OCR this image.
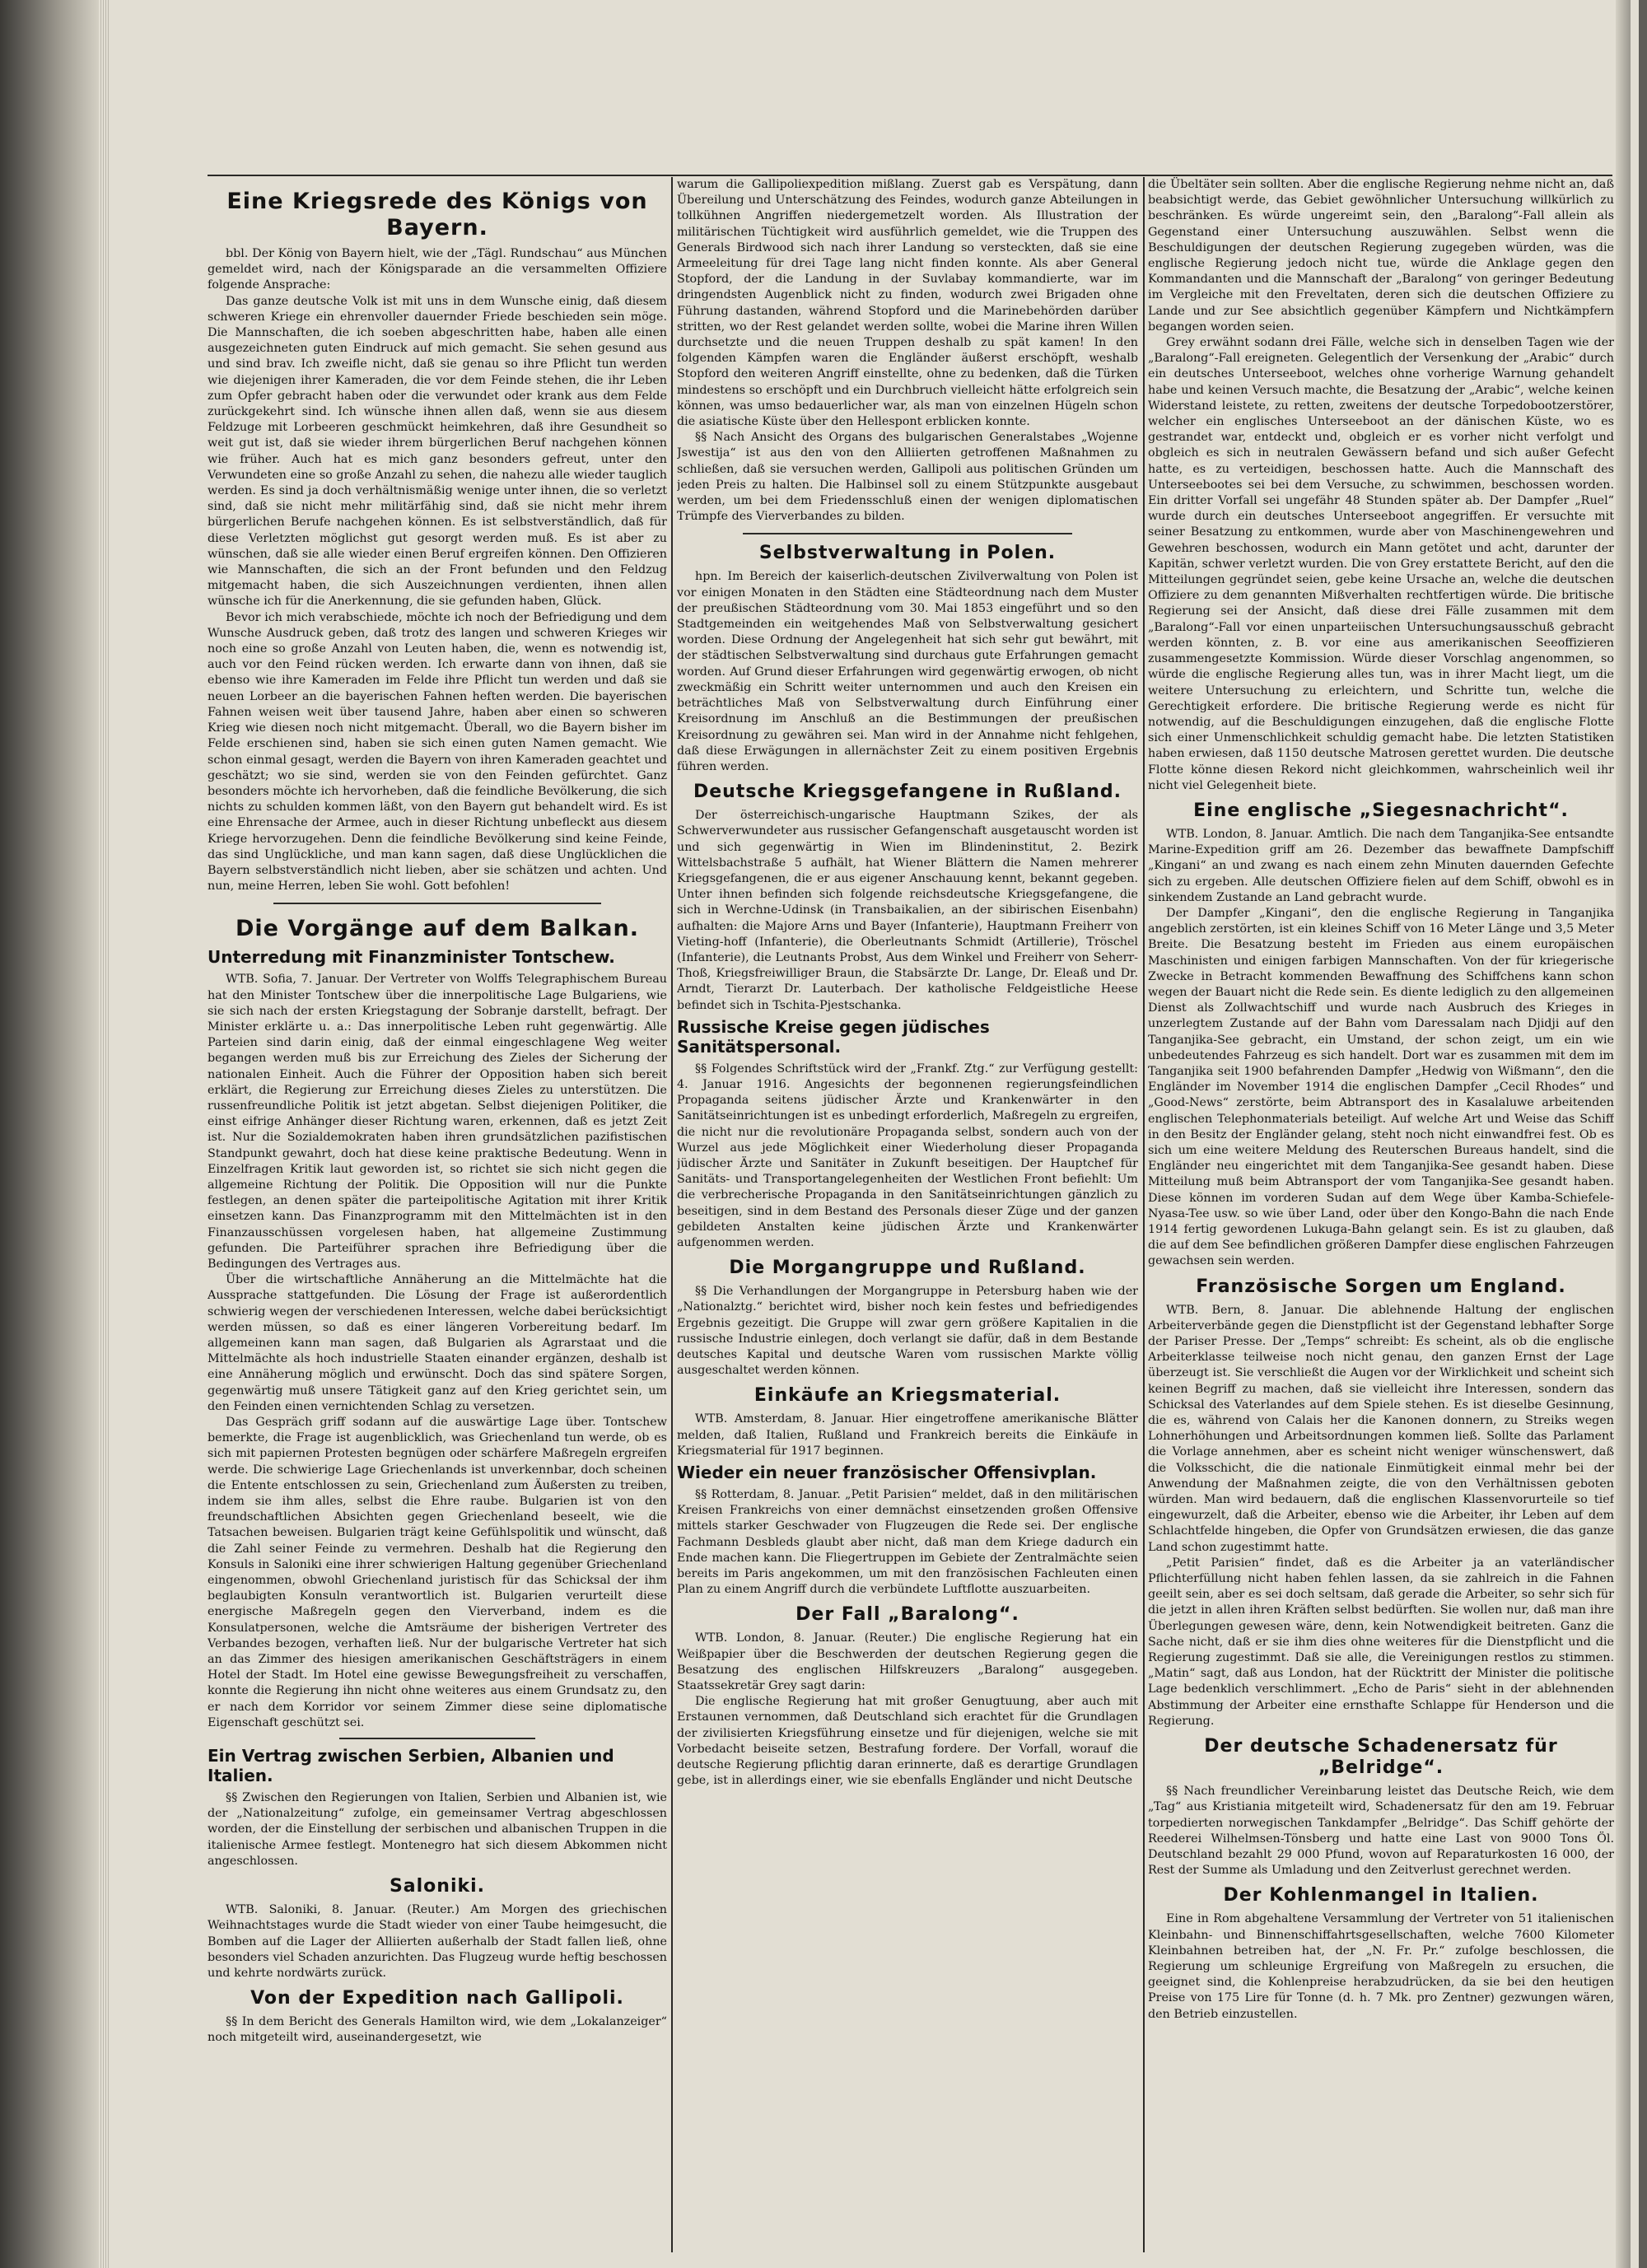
Eine Kriegsrede des Königs von Bayern.

bbl. Der König von Bayern hielt, wie der „Tägl. Rundschau“ aus München gemeldet wird, nach der Königsparade an die versammelten Offiziere folgende Ansprache:

Das ganze deutsche Volk ist mit uns in dem Wunsche einig, daß diesem schweren Kriege ein ehrenvoller dauernder Friede beschieden sein möge. Die Mannschaften, die ich soeben abgeschritten habe, haben alle einen ausgezeichneten guten Eindruck auf mich gemacht. Sie sehen gesund aus und sind brav. Ich zweifle nicht, daß sie genau so ihre Pflicht tun werden wie diejenigen ihrer Kameraden, die vor dem Feinde stehen, die ihr Leben zum Opfer gebracht haben oder die verwundet oder krank aus dem Felde zurückgekehrt sind. Ich wünsche ihnen allen daß, wenn sie aus diesem Feldzuge mit Lorbeeren geschmückt heimkehren, daß ihre Gesundheit so weit gut ist, daß sie wieder ihrem bürgerlichen Beruf nachgehen können wie früher. Auch hat es mich ganz besonders gefreut, unter den Verwundeten eine so große Anzahl zu sehen, die nahezu alle wieder tauglich werden. Es sind ja doch verhältnismäßig wenige unter ihnen, die so verletzt sind, daß sie nicht mehr militärfähig sind, daß sie nicht mehr ihrem bürgerlichen Berufe nachgehen können. Es ist selbstverständlich, daß für diese Verletzten möglichst gut gesorgt werden muß. Es ist aber zu wünschen, daß sie alle wieder einen Beruf ergreifen können. Den Offizieren wie Mannschaften, die sich an der Front befunden und den Feldzug mitgemacht haben, die sich Auszeichnungen verdienten, ihnen allen wünsche ich für die Anerkennung, die sie gefunden haben, Glück.

Bevor ich mich verabschiede, möchte ich noch der Befriedigung und dem Wunsche Ausdruck geben, daß trotz des langen und schweren Krieges wir noch eine so große Anzahl von Leuten haben, die, wenn es notwendig ist, auch vor den Feind rücken werden. Ich erwarte dann von ihnen, daß sie ebenso wie ihre Kameraden im Felde ihre Pflicht tun werden und daß sie neuen Lorbeer an die bayerischen Fahnen heften werden. Die bayerischen Fahnen weisen weit über tausend Jahre, haben aber einen so schweren Krieg wie diesen noch nicht mitgemacht. Überall, wo die Bayern bisher im Felde erschienen sind, haben sie sich einen guten Namen gemacht. Wie schon einmal gesagt, werden die Bayern von ihren Kameraden geachtet und geschätzt; wo sie sind, werden sie von den Feinden gefürchtet. Ganz besonders möchte ich hervorheben, daß die feindliche Bevölkerung, die sich nichts zu schulden kommen läßt, von den Bayern gut behandelt wird. Es ist eine Ehrensache der Armee, auch in dieser Richtung unbefleckt aus diesem Kriege hervorzugehen. Denn die feindliche Bevölkerung sind keine Feinde, das sind Unglückliche, und man kann sagen, daß diese Unglücklichen die Bayern selbstverständlich nicht lieben, aber sie schätzen und achten. Und nun, meine Herren, leben Sie wohl. Gott befohlen!

Die Vorgänge auf dem Balkan.
Unterredung mit Finanzminister Tontschew.

WTB. Sofia, 7. Januar. Der Vertreter von Wolffs Telegraphischem Bureau hat den Minister Tontschew über die innerpolitische Lage Bulgariens, wie sie sich nach der ersten Kriegstagung der Sobranje darstellt, befragt. Der Minister erklärte u. a.: Das innerpolitische Leben ruht gegenwärtig. Alle Parteien sind darin einig, daß der einmal eingeschlagene Weg weiter begangen werden muß bis zur Erreichung des Zieles der Sicherung der nationalen Einheit. Auch die Führer der Opposition haben sich bereit erklärt, die Regierung zur Erreichung dieses Zieles zu unterstützen. Die russenfreundliche Politik ist jetzt abgetan. Selbst diejenigen Politiker, die einst eifrige Anhänger dieser Richtung waren, erkennen, daß es jetzt Zeit ist. Nur die Sozialdemokraten haben ihren grundsätzlichen pazifistischen Standpunkt gewahrt, doch hat diese keine praktische Bedeutung. Wenn in Einzelfragen Kritik laut geworden ist, so richtet sie sich nicht gegen die allgemeine Richtung der Politik. Die Opposition will nur die Punkte festlegen, an denen später die parteipolitische Agitation mit ihrer Kritik einsetzen kann. Das Finanzprogramm mit den Mittelmächten ist in den Finanzausschüssen vorgelesen haben, hat allgemeine Zustimmung gefunden. Die Parteiführer sprachen ihre Befriedigung über die Bedingungen des Vertrages aus.

Über die wirtschaftliche Annäherung an die Mittelmächte hat die Aussprache stattgefunden. Die Lösung der Frage ist außerordentlich schwierig wegen der verschiedenen Interessen, welche dabei berücksichtigt werden müssen, so daß es einer längeren Vorbereitung bedarf. Im allgemeinen kann man sagen, daß Bulgarien als Agrarstaat und die Mittelmächte als hoch industrielle Staaten einander ergänzen, deshalb ist eine Annäherung möglich und erwünscht. Doch das sind spätere Sorgen, gegenwärtig muß unsere Tätigkeit ganz auf den Krieg gerichtet sein, um den Feinden einen vernichtenden Schlag zu versetzen.

Das Gespräch griff sodann auf die auswärtige Lage über. Tontschew bemerkte, die Frage ist augenblicklich, was Griechenland tun werde, ob es sich mit papiernen Protesten begnügen oder schärfere Maßregeln ergreifen werde. Die schwierige Lage Griechenlands ist unverkennbar, doch scheinen die Entente entschlossen zu sein, Griechenland zum Äußersten zu treiben, indem sie ihm alles, selbst die Ehre raube. Bulgarien ist von den freundschaftlichen Absichten gegen Griechenland beseelt, wie die Tatsachen beweisen. Bulgarien trägt keine Gefühlspolitik und wünscht, daß die Zahl seiner Feinde zu vermehren. Deshalb hat die Regierung den Konsuls in Saloniki eine ihrer schwierigen Haltung gegenüber Griechenland eingenommen, obwohl Griechenland juristisch für das Schicksal der ihm beglaubigten Konsuln verantwortlich ist. Bulgarien verurteilt diese energische Maßregeln gegen den Vierverband, indem es die Konsulatpersonen, welche die Amtsräume der bisherigen Vertreter des Verbandes bezogen, verhaften ließ. Nur der bulgarische Vertreter hat sich an das Zimmer des hiesigen amerikanischen Geschäftsträgers in einem Hotel der Stadt. Im Hotel eine gewisse Bewegungsfreiheit zu verschaffen, konnte die Regierung ihn nicht ohne weiteres aus einem Grundsatz zu, den er nach dem Korridor vor seinem Zimmer diese seine diplomatische Eigenschaft geschützt sei.

Ein Vertrag zwischen Serbien, Albanien und Italien.

§§ Zwischen den Regierungen von Italien, Serbien und Albanien ist, wie der „Nationalzeitung“ zufolge, ein gemeinsamer Vertrag abgeschlossen worden, der die Einstellung der serbischen und albanischen Truppen in die italienische Armee festlegt. Montenegro hat sich diesem Abkommen nicht angeschlossen.

Saloniki.

WTB. Saloniki, 8. Januar. (Reuter.) Am Morgen des griechischen Weihnachtstages wurde die Stadt wieder von einer Taube heimgesucht, die Bomben auf die Lager der Alliierten außerhalb der Stadt fallen ließ, ohne besonders viel Schaden anzurichten. Das Flugzeug wurde heftig beschossen und kehrte nordwärts zurück.

Von der Expedition nach Gallipoli.

§§ In dem Bericht des Generals Hamilton wird, wie dem „Lokalanzeiger“ noch mitgeteilt wird, auseinandergesetzt, wie

warum die Gallipoliexpedition mißlang. Zuerst gab es Verspätung, dann Übereilung und Unterschätzung des Feindes, wodurch ganze Abteilungen in tollkühnen Angriffen niedergemetzelt worden. Als Illustration der militärischen Tüchtigkeit wird ausführlich gemeldet, wie die Truppen des Generals Birdwood sich nach ihrer Landung so versteckten, daß sie eine Armeeleitung für drei Tage lang nicht finden konnte. Als aber General Stopford, der die Landung in der Suvlabay kommandierte, war im dringendsten Augenblick nicht zu finden, wodurch zwei Brigaden ohne Führung dastanden, während Stopford und die Marinebehörden darüber stritten, wo der Rest gelandet werden sollte, wobei die Marine ihren Willen durchsetzte und die neuen Truppen deshalb zu spät kamen! In den folgenden Kämpfen waren die Engländer äußerst erschöpft, weshalb Stopford den weiteren Angriff einstellte, ohne zu bedenken, daß die Türken mindestens so erschöpft und ein Durchbruch vielleicht hätte erfolgreich sein können, was umso bedauerlicher war, als man von einzelnen Hügeln schon die asiatische Küste über den Hellespont erblicken konnte.

§§ Nach Ansicht des Organs des bulgarischen Generalstabes „Wojenne Jswestija“ ist aus den von den Alliierten getroffenen Maßnahmen zu schließen, daß sie versuchen werden, Gallipoli aus politischen Gründen um jeden Preis zu halten. Die Halbinsel soll zu einem Stützpunkte ausgebaut werden, um bei dem Friedensschluß einen der wenigen diplomatischen Trümpfe des Vierverbandes zu bilden.

Selbstverwaltung in Polen.

hpn. Im Bereich der kaiserlich-deutschen Zivilverwaltung von Polen ist vor einigen Monaten in den Städten eine Städteordnung nach dem Muster der preußischen Städteordnung vom 30. Mai 1853 eingeführt und so den Stadtgemeinden ein weitgehendes Maß von Selbstverwaltung gesichert worden. Diese Ordnung der Angelegenheit hat sich sehr gut bewährt, mit der städtischen Selbstverwaltung sind durchaus gute Erfahrungen gemacht worden. Auf Grund dieser Erfahrungen wird gegenwärtig erwogen, ob nicht zweckmäßig ein Schritt weiter unternommen und auch den Kreisen ein beträchtliches Maß von Selbstverwaltung durch Einführung einer Kreisordnung im Anschluß an die Bestimmungen der preußischen Kreisordnung zu gewähren sei. Man wird in der Annahme nicht fehlgehen, daß diese Erwägungen in allernächster Zeit zu einem positiven Ergebnis führen werden.

Deutsche Kriegsgefangene in Rußland.

Der österreichisch-ungarische Hauptmann Szikes, der als Schwerverwundeter aus russischer Gefangenschaft ausgetauscht worden ist und sich gegenwärtig in Wien im Blindeninstitut, 2. Bezirk Wittelsbachstraße 5 aufhält, hat Wiener Blättern die Namen mehrerer Kriegsgefangenen, die er aus eigener Anschauung kennt, bekannt gegeben. Unter ihnen befinden sich folgende reichsdeutsche Kriegsgefangene, die sich in Werchne-Udinsk (in Transbaikalien, an der sibirischen Eisenbahn) aufhalten: die Majore Arns und Bayer (Infanterie), Hauptmann Freiherr von Vieting-hoff (Infanterie), die Oberleutnants Schmidt (Artillerie), Tröschel (Infanterie), die Leutnants Probst, Aus dem Winkel und Freiherr von Seherr-Thoß, Kriegsfreiwilliger Braun, die Stabsärzte Dr. Lange, Dr. Eleaß und Dr. Arndt, Tierarzt Dr. Lauterbach. Der katholische Feldgeistliche Heese befindet sich in Tschita-Pjestschanka.

Russische Kreise gegen jüdisches Sanitätspersonal.

§§ Folgendes Schriftstück wird der „Frankf. Ztg.“ zur Verfügung gestellt: 4. Januar 1916. Angesichts der begonnenen regierungsfeindlichen Propaganda seitens jüdischer Ärzte und Krankenwärter in den Sanitätseinrichtungen ist es unbedingt erforderlich, Maßregeln zu ergreifen, die nicht nur die revolutionäre Propaganda selbst, sondern auch von der Wurzel aus jede Möglichkeit einer Wiederholung dieser Propaganda jüdischer Ärzte und Sanitäter in Zukunft beseitigen. Der Hauptchef für Sanitäts- und Transportangelegenheiten der Westlichen Front befiehlt: Um die verbrecherische Propaganda in den Sanitätseinrichtungen gänzlich zu beseitigen, sind in dem Bestand des Personals dieser Züge und der ganzen gebildeten Anstalten keine jüdischen Ärzte und Krankenwärter aufgenommen werden.

Die Morgangruppe und Rußland.

§§ Die Verhandlungen der Morgangruppe in Petersburg haben wie der „Nationalztg.“ berichtet wird, bisher noch kein festes und befriedigendes Ergebnis gezeitigt. Die Gruppe will zwar gern größere Kapitalien in die russische Industrie einlegen, doch verlangt sie dafür, daß in dem Bestande deutsches Kapital und deutsche Waren vom russischen Markte völlig ausgeschaltet werden können.

Einkäufe an Kriegsmaterial.

WTB. Amsterdam, 8. Januar. Hier eingetroffene amerikanische Blätter melden, daß Italien, Rußland und Frankreich bereits die Einkäufe in Kriegsmaterial für 1917 beginnen.

Wieder ein neuer französischer Offensivplan.

§§ Rotterdam, 8. Januar. „Petit Parisien“ meldet, daß in den militärischen Kreisen Frankreichs von einer demnächst einsetzenden großen Offensive mittels starker Geschwader von Flugzeugen die Rede sei. Der englische Fachmann Desbleds glaubt aber nicht, daß man dem Kriege dadurch ein Ende machen kann. Die Fliegertruppen im Gebiete der Zentralmächte seien bereits im Paris angekommen, um mit den französischen Fachleuten einen Plan zu einem Angriff durch die verbündete Luftflotte auszuarbeiten.

Der Fall „Baralong“.

WTB. London, 8. Januar. (Reuter.) Die englische Regierung hat ein Weißpapier über die Beschwerden der deutschen Regierung gegen die Besatzung des englischen Hilfskreuzers „Baralong“ ausgegeben. Staatssekretär Grey sagt darin:

Die englische Regierung hat mit großer Genugtuung, aber auch mit Erstaunen vernommen, daß Deutschland sich erachtet für die Grundlagen der zivilisierten Kriegsführung einsetze und für diejenigen, welche sie mit Vorbedacht beiseite setzen, Bestrafung fordere. Der Vorfall, worauf die deutsche Regierung pflichtig daran erinnerte, daß es derartige Grundlagen gebe, ist in allerdings einer, wie sie ebenfalls Engländer und nicht Deutsche

die Übeltäter sein sollten. Aber die englische Regierung nehme nicht an, daß beabsichtigt werde, das Gebiet gewöhnlicher Untersuchung willkürlich zu beschränken. Es würde ungereimt sein, den „Baralong“-Fall allein als Gegenstand einer Untersuchung auszuwählen. Selbst wenn die Beschuldigungen der deutschen Regierung zugegeben würden, was die englische Regierung jedoch nicht tue, würde die Anklage gegen den Kommandanten und die Mannschaft der „Baralong“ von geringer Bedeutung im Vergleiche mit den Freveltaten, deren sich die deutschen Offiziere zu Lande und zur See absichtlich gegenüber Kämpfern und Nichtkämpfern begangen worden seien.

Grey erwähnt sodann drei Fälle, welche sich in denselben Tagen wie der „Baralong“-Fall ereigneten. Gelegentlich der Versenkung der „Arabic“ durch ein deutsches Unterseeboot, welches ohne vorherige Warnung gehandelt habe und keinen Versuch machte, die Besatzung der „Arabic“, welche keinen Widerstand leistete, zu retten, zweitens der deutsche Torpedobootzerstörer, welcher ein englisches Unterseeboot an der dänischen Küste, wo es gestrandet war, entdeckt und, obgleich er es vorher nicht verfolgt und obgleich es sich in neutralen Gewässern befand und sich außer Gefecht hatte, es zu verteidigen, beschossen hatte. Auch die Mannschaft des Unterseebootes sei bei dem Versuche, zu schwimmen, beschossen worden. Ein dritter Vorfall sei ungefähr 48 Stunden später ab. Der Dampfer „Ruel“ wurde durch ein deutsches Unterseeboot angegriffen. Er versuchte mit seiner Besatzung zu entkommen, wurde aber von Maschinengewehren und Gewehren beschossen, wodurch ein Mann getötet und acht, darunter der Kapitän, schwer verletzt wurden. Die von Grey erstattete Bericht, auf den die Mitteilungen gegründet seien, gebe keine Ursache an, welche die deutschen Offiziere zu dem genannten Mißverhalten rechtfertigen würde. Die britische Regierung sei der Ansicht, daß diese drei Fälle zusammen mit dem „Baralong“-Fall vor einen unparteiischen Untersuchungsausschuß gebracht werden könnten, z. B. vor eine aus amerikanischen Seeoffizieren zusammengesetzte Kommission. Würde dieser Vorschlag angenommen, so würde die englische Regierung alles tun, was in ihrer Macht liegt, um die weitere Untersuchung zu erleichtern, und Schritte tun, welche die Gerechtigkeit erfordere. Die britische Regierung werde es nicht für notwendig, auf die Beschuldigungen einzugehen, daß die englische Flotte sich einer Unmenschlichkeit schuldig gemacht habe. Die letzten Statistiken haben erwiesen, daß 1150 deutsche Matrosen gerettet wurden. Die deutsche Flotte könne diesen Rekord nicht gleichkommen, wahrscheinlich weil ihr nicht viel Gelegenheit biete.

Eine englische „Siegesnachricht“.

WTB. London, 8. Januar. Amtlich. Die nach dem Tanganjika-See entsandte Marine-Expedition griff am 26. Dezember das bewaffnete Dampfschiff „Kingani“ an und zwang es nach einem zehn Minuten dauernden Gefechte sich zu ergeben. Alle deutschen Offiziere fielen auf dem Schiff, obwohl es in sinkendem Zustande an Land gebracht wurde.

Der Dampfer „Kingani“, den die englische Regierung in Tanganjika angeblich zerstörten, ist ein kleines Schiff von 16 Meter Länge und 3,5 Meter Breite. Die Besatzung besteht im Frieden aus einem europäischen Maschinisten und einigen farbigen Mannschaften. Von der für kriegerische Zwecke in Betracht kommenden Bewaffnung des Schiffchens kann schon wegen der Bauart nicht die Rede sein. Es diente lediglich zu den allgemeinen Dienst als Zollwachtschiff und wurde nach Ausbruch des Krieges in unzerlegtem Zustande auf der Bahn vom Daressalam nach Djidji auf den Tanganjika-See gebracht, ein Umstand, der schon zeigt, um ein wie unbedeutendes Fahrzeug es sich handelt. Dort war es zusammen mit dem im Tanganjika seit 1900 befahrenden Dampfer „Hedwig von Wißmann“, den die Engländer im November 1914 die englischen Dampfer „Cecil Rhodes“ und „Good-News“ zerstörte, beim Abtransport des in Kasalaluwe arbeitenden englischen Telephonmaterials beteiligt. Auf welche Art und Weise das Schiff in den Besitz der Engländer gelang, steht noch nicht einwandfrei fest. Ob es sich um eine weitere Meldung des Reuterschen Bureaus handelt, sind die Engländer neu eingerichtet mit dem Tanganjika-See gesandt haben. Diese Mitteilung muß beim Abtransport der vom Tanganjika-See gesandt haben. Diese können im vorderen Sudan auf dem Wege über Kamba-Schiefele-Nyasa-Tee usw. so wie über Land, oder über den Kongo-Bahn die nach Ende 1914 fertig gewordenen Lukuga-Bahn gelangt sein. Es ist zu glauben, daß die auf dem See befindlichen größeren Dampfer diese englischen Fahrzeugen gewachsen sein werden.

Französische Sorgen um England.

WTB. Bern, 8. Januar. Die ablehnende Haltung der englischen Arbeiterverbände gegen die Dienstpflicht ist der Gegenstand lebhafter Sorge der Pariser Presse. Der „Temps“ schreibt: Es scheint, als ob die englische Arbeiterklasse teilweise noch nicht genau, den ganzen Ernst der Lage überzeugt ist. Sie verschließt die Augen vor der Wirklichkeit und scheint sich keinen Begriff zu machen, daß sie vielleicht ihre Interessen, sondern das Schicksal des Vaterlandes auf dem Spiele stehen. Es ist dieselbe Gesinnung, die es, während von Calais her die Kanonen donnern, zu Streiks wegen Lohnerhöhungen und Arbeitsordnungen kommen ließ. Sollte das Parlament die Vorlage annehmen, aber es scheint nicht weniger wünschenswert, daß die Volksschicht, die die nationale Einmütigkeit einmal mehr bei der Anwendung der Maßnahmen zeigte, die von den Verhältnissen geboten würden. Man wird bedauern, daß die englischen Klassenvorurteile so tief eingewurzelt, daß die Arbeiter, ebenso wie die Arbeiter, ihr Leben auf dem Schlachtfelde hingeben, die Opfer von Grundsätzen erwiesen, die das ganze Land schon zugestimmt hatte.

„Petit Parisien“ findet, daß es die Arbeiter ja an vaterländischer Pflichterfüllung nicht haben fehlen lassen, da sie zahlreich in die Fahnen geeilt sein, aber es sei doch seltsam, daß gerade die Arbeiter, so sehr sich für die jetzt in allen ihren Kräften selbst bedürften. Sie wollen nur, daß man ihre Überlegungen gewesen wäre, denn, kein Notwendigkeit beitreten. Ganz die Sache nicht, daß er sie ihm dies ohne weiteres für die Dienstpflicht und die Regierung zugestimmt. Daß sie alle, die Vereinigungen restlos zu stimmen. „Matin“ sagt, daß aus London, hat der Rücktritt der Minister die politische Lage bedenklich verschlimmert. „Echo de Paris“ sieht in der ablehnenden Abstimmung der Arbeiter eine ernsthafte Schlappe für Henderson und die Regierung.

Der deutsche Schadenersatz für „Belridge“.

§§ Nach freundlicher Vereinbarung leistet das Deutsche Reich, wie dem „Tag“ aus Kristiania mitgeteilt wird, Schadenersatz für den am 19. Februar torpedierten norwegischen Tankdampfer „Belridge“. Das Schiff gehörte der Reederei Wilhelmsen-Tönsberg und hatte eine Last von 9000 Tons Öl. Deutschland bezahlt 29 000 Pfund, wovon auf Reparaturkosten 16 000, der Rest der Summe als Umladung und den Zeitverlust gerechnet werden.

Der Kohlenmangel in Italien.

Eine in Rom abgehaltene Versammlung der Vertreter von 51 italienischen Kleinbahn- und Binnenschiffahrtsgesellschaften, welche 7600 Kilometer Kleinbahnen betreiben hat, der „N. Fr. Pr.“ zufolge beschlossen, die Regierung um schleunige Ergreifung von Maßregeln zu ersuchen, die geeignet sind, die Kohlenpreise herabzudrücken, da sie bei den heutigen Preise von 175 Lire für Tonne (d. h. 7 Mk. pro Zentner) gezwungen wären, den Betrieb einzustellen.
